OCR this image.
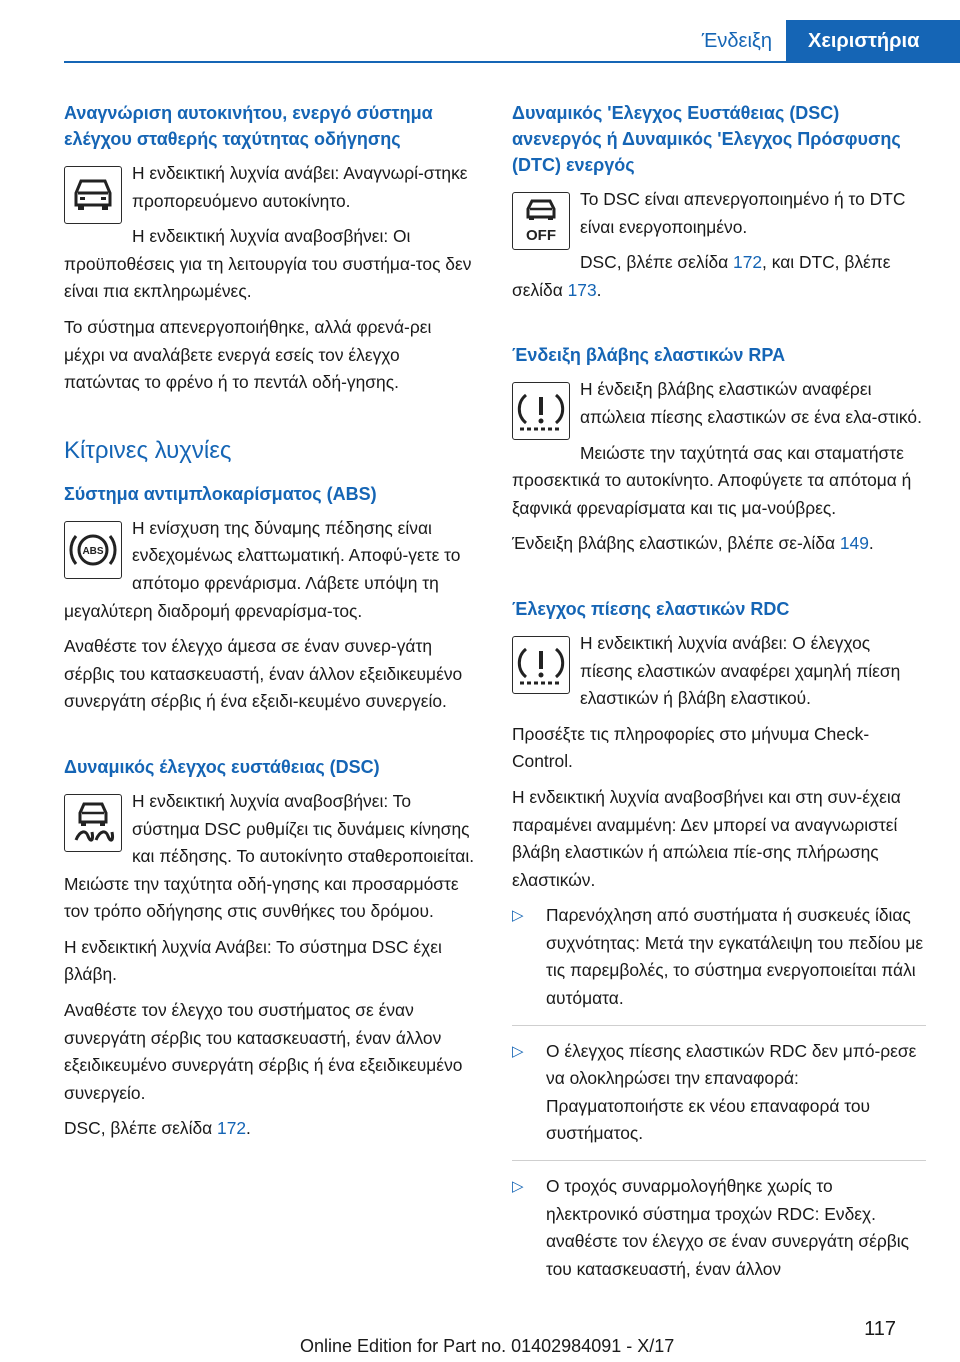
Ένδειξη	Χειριστήρια
Αναγνώριση αυτοκινήτου, ενεργό σύστημα ελέγχου σταθερής ταχύτητας οδήγησης

Η ενδεικτική λυχνία ανάβει: Αναγνωρί-στηκε προπορευόμενο αυτοκίνητο.

Η ενδεικτική λυχνία αναβοσβήνει: Οι προϋποθέσεις για τη λειτουργία του συστήμα-τος δεν είναι πια εκπληρωμένες.

Το σύστημα απενεργοποιήθηκε, αλλά φρενά-ρει μέχρι να αναλάβετε ενεργά εσείς τον έλεγχο πατώντας το φρένο ή το πεντάλ οδή-γησης.

Κίτρινες λυχνίες
Σύστημα αντιμπλοκαρίσματος (ABS)
ABS

Η ενίσχυση της δύναμης πέδησης είναι ενδεχομένως ελαττωματική. Αποφύ-γετε το απότομο φρενάρισμα. Λάβετε υπόψη τη μεγαλύτερη διαδρομή φρεναρίσμα-τος.

Αναθέστε τον έλεγχο άμεσα σε έναν συνερ-γάτη σέρβις του κατασκευαστή, έναν άλλον εξειδικευμένο συνεργάτη σέρβις ή ένα εξειδι-κευμένο συνεργείο.

Δυναμικός έλεγχος ευστάθειας (DSC)

Η ενδεικτική λυχνία αναβοσβήνει: Το σύστημα DSC ρυθμίζει τις δυνάμεις κίνησης και πέδησης. Το αυτοκίνητο σταθεροποιείται. Μειώστε την ταχύτητα οδή-γησης και προσαρμόστε τον τρόπο οδήγησης στις συνθήκες του δρόμου.

Η ενδεικτική λυχνία Ανάβει: Το σύστημα DSC έχει βλάβη.

Αναθέστε τον έλεγχο του συστήματος σε έναν συνεργάτη σέρβις του κατασκευαστή, έναν άλλον εξειδικευμένο συνεργάτη σέρβις ή ένα εξειδικευμένο συνεργείο.

DSC, βλέπε σελίδα 172.

Δυναμικός 'Ελεγχος Ευστάθειας (DSC) ανενεργός ή Δυναμικός 'Ελεγχος Πρόσφυσης (DTC) ενεργός
OFF

Το DSC είναι απενεργοποιημένο ή το DTC είναι ενεργοποιημένο.

DSC, βλέπε σελίδα 172, και DTC, βλέπε σελίδα 173.

Ένδειξη βλάβης ελαστικών RPA

Η ένδειξη βλάβης ελαστικών αναφέρει απώλεια πίεσης ελαστικών σε ένα ελα-στικό.

Μειώστε την ταχύτητά σας και σταματήστε προσεκτικά το αυτοκίνητο. Αποφύγετε τα απότομα ή ξαφνικά φρεναρίσματα και τις μα-νούβρες.

Ένδειξη βλάβης ελαστικών, βλέπε σε-λίδα 149.

Έλεγχος πίεσης ελαστικών RDC

Η ενδεικτική λυχνία ανάβει: Ο έλεγχος πίεσης ελαστικών αναφέρει χαμηλή πίεση ελαστικών ή βλάβη ελαστικού.

Προσέξτε τις πληροφορίες στο μήνυμα Check-Control.

Η ενδεικτική λυχνία αναβοσβήνει και στη συν-έχεια παραμένει αναμμένη: Δεν μπορεί να αναγνωριστεί βλάβη ελαστικών ή απώλεια πίε-σης πλήρωσης ελαστικών.

▷ Παρενόχληση από συστήματα ή συσκευές ίδιας συχνότητας: Μετά την εγκατάλειψη του πεδίου με τις παρεμβολές, το σύστημα ενεργοποιείται πάλι αυτόματα.
▷ Ο έλεγχος πίεσης ελαστικών RDC δεν μπό-ρεσε να ολοκληρώσει την επαναφορά: Πραγματοποιήστε εκ νέου επαναφορά του συστήματος.
▷ Ο τροχός συναρμολογήθηκε χωρίς το ηλεκτρονικό σύστημα τροχών RDC: Ενδεχ. αναθέστε τον έλεγχο σε έναν συνεργάτη σέρβις του κατασκευαστή, έναν άλλον
117
Online Edition for Part no. 01402984091 - X/17
